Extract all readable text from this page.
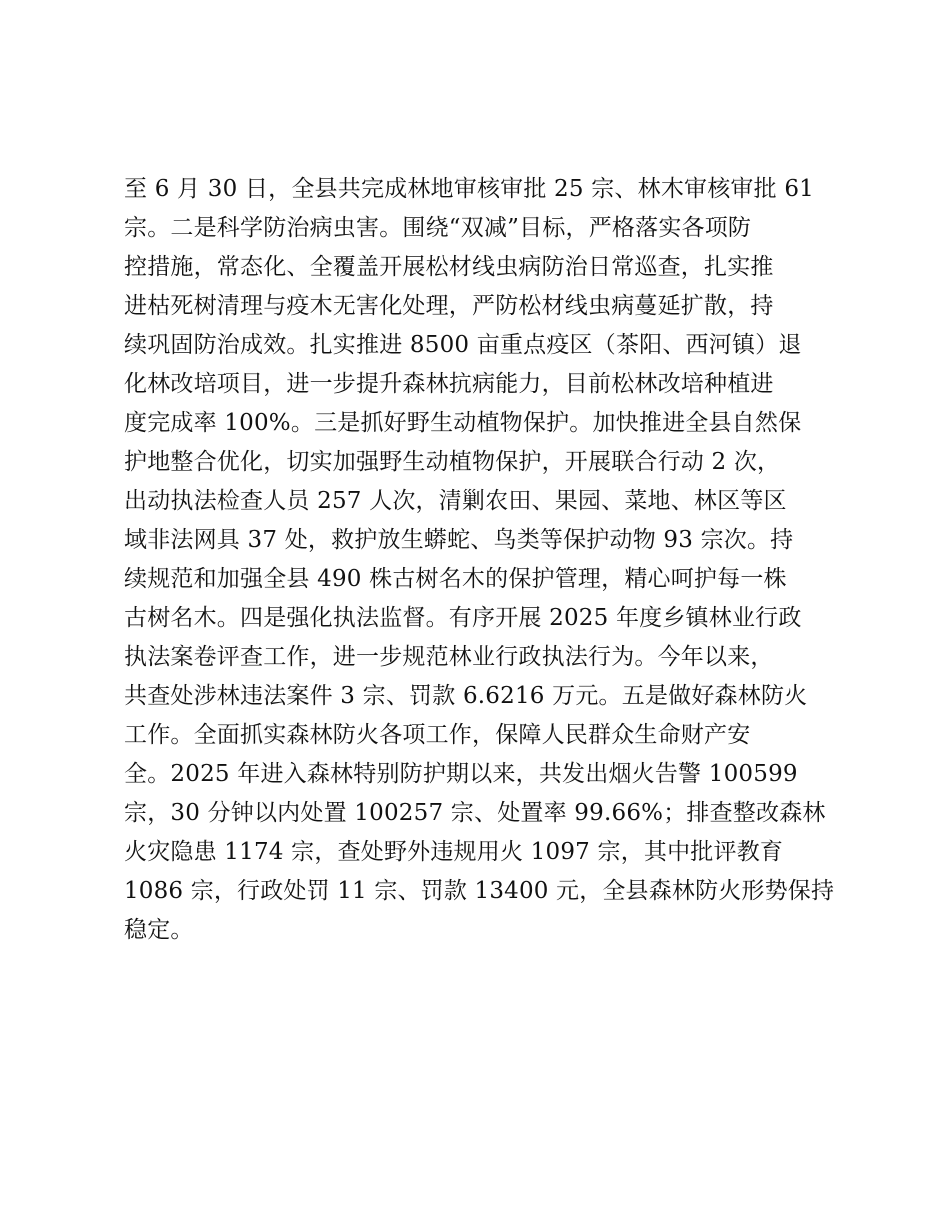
至 6 月 30 日，全县共完成林地审核审批 25 宗、林木审核审批 61
宗。二是科学防治病虫害。围绕“双减”目标，严格落实各项防
控措施，常态化、全覆盖开展松材线虫病防治日常巡查，扎实推
进枯死树清理与疫木无害化处理，严防松材线虫病蔓延扩散，持
续巩固防治成效。扎实推进 8500 亩重点疫区（茶阳、西河镇）退
化林改培项目，进一步提升森林抗病能力，目前松林改培种植进
度完成率 100%。三是抓好野生动植物保护。加快推进全县自然保
护地整合优化，切实加强野生动植物保护，开展联合行动 2 次，
出动执法检查人员 257 人次，清剿农田、果园、菜地、林区等区
域非法网具 37 处，救护放生蟒蛇、鸟类等保护动物 93 宗次。持
续规范和加强全县 490 株古树名木的保护管理，精心呵护每一株
古树名木。四是强化执法监督。有序开展 2025 年度乡镇林业行政
执法案卷评查工作，进一步规范林业行政执法行为。今年以来，
共查处涉林违法案件 3 宗、罚款 6.6216 万元。五是做好森林防火
工作。全面抓实森林防火各项工作，保障人民群众生命财产安
全。2025 年进入森林特别防护期以来，共发出烟火告警 100599
宗，30 分钟以内处置 100257 宗、处置率 99.66%；排查整改森林
火灾隐患 1174 宗，查处野外违规用火 1097 宗，其中批评教育
1086 宗，行政处罚 11 宗、罚款 13400 元，全县森林防火形势保持
稳定。
